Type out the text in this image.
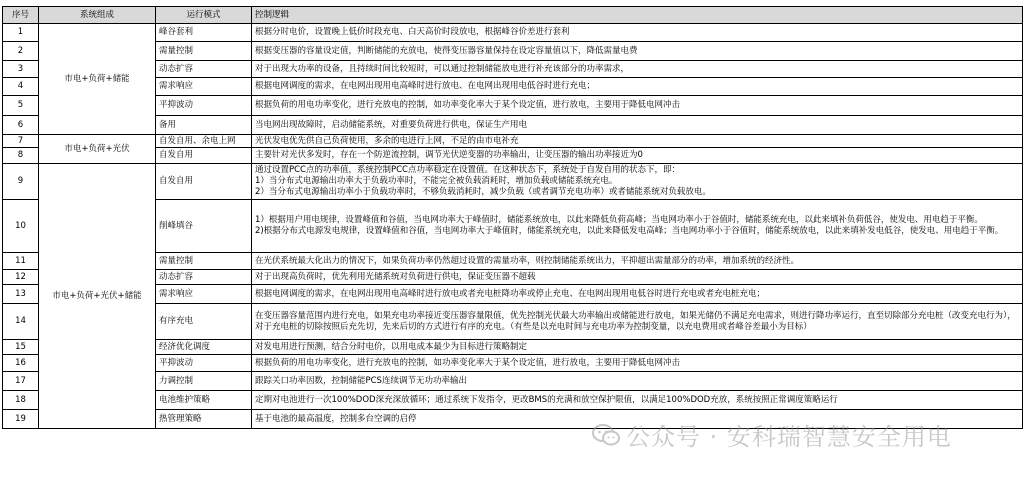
序号	系统组成	运行模式	控制逻辑
1	市电+负荷+储能	峰谷套利	根据分时电价，设置晚上低价时段充电、白天高价时段放电，根据峰谷价差进行套利
2		需量控制	根据变压器的容量设定值，判断储能的充放电，使得变压器容量保持在设定容量值以下，降低需量电费
3		动态扩容	对于出现大功率的设备，且持续时间比较短时，可以通过控制储能放电进行补充该部分的功率需求，
4		需求响应	根据电网调度的需求，在电网出现用电高峰时进行放电、在电网出现用电低谷时进行充电；
5		平抑波动	根据负荷的用电功率变化，进行充放电的控制，如功率变化率大于某个设定值，进行放电，主要用于降低电网冲击
6		备用	当电网出现故障时，启动储能系统，对重要负荷进行供电，保证生产用电
7	市电+负荷+光伏	自发自用、余电上网	光伏发电优先供自己负荷使用，多余的电进行上网，不足的由市电补充
8		自发自用	主要针对光伏多发时，存在一个防逆流控制，调节光伏逆变器的功率输出，让变压器的输出功率接近为0
9	市电+负荷+光伏+储能	自发自用	通过设置PCC点的功率值，系统控制PCC点功率稳定在设置值。在这种状态下，系统处于自发自用的状态下，即：
1）当分布式电源输出功率大于负载功率时，不能完全被负载消耗时，增加负载或储能系统充电。
2）当分布式电源输出功率小于负载功率时，不够负载消耗时，减少负载（或者调节充电功率）或者储能系统对负载放电。
10		削峰填谷	1）根据用户用电规律，设置峰值和谷值，当电网功率大于峰值时，储能系统放电，以此来降低负荷高峰；当电网功率小于谷值时，储能系统充电，以此来填补负荷低谷，使发电、用电趋于平衡。
2)根据分布式电源发电规律，设置峰值和谷值，当电网功率大于峰值时，储能系统充电，以此来降低发电高峰；当电网功率小于谷值时，储能系统放电，以此来填补发电低谷，使发电、用电趋于平衡。
11		需量控制	在光伏系统最大化出力的情况下，如果负荷功率仍然超过设置的需量功率，则控制储能系统出力，平抑超出需量部分的功率，增加系统的经济性。
12		动态扩容	对于出现高负荷时，优先利用光储系统对负荷进行供电，保证变压器不超载
13		需求响应	根据电网调度的需求，在电网出现用电高峰时进行放电或者充电桩降功率或停止充电、在电网出现用电低谷时进行充电或者充电桩充电；
14		有序充电	在变压器容量范围内进行充电，如果充电功率接近变压器容量限值，优先控制光伏最大功率输出或储能进行放电，如果光储仍不满足充电需求，则进行降功率运行，直至切除部分充电桩（改变充电行为），对于充电桩的切除按照后充先切，先来后切的方式进行有序的充电。（有些是以充电时间与充电功率为控制变量，以充电费用或者峰谷差最小为目标）
15		经济优化调度	对发电用进行预测，结合分时电价，以用电成本最少为目标进行策略制定
16		平抑波动	根据负荷的用电功率变化，进行充放电的控制，如功率变化率大于某个设定值，进行放电，主要用于降低电网冲击
17		力调控制	跟踪关口功率因数，控制储能PCS连续调节无功功率输出
18		电池维护策略	定期对电池进行一次100%DOD深充深放循环；通过系统下发指令，更改BMS的充满和放空保护限值，以满足100%DOD充放，系统按照正常调度策略运行
19		热管理策略	基于电池的最高温度，控制多台空调的启停
公众号 · 安科瑞智慧安全用电
